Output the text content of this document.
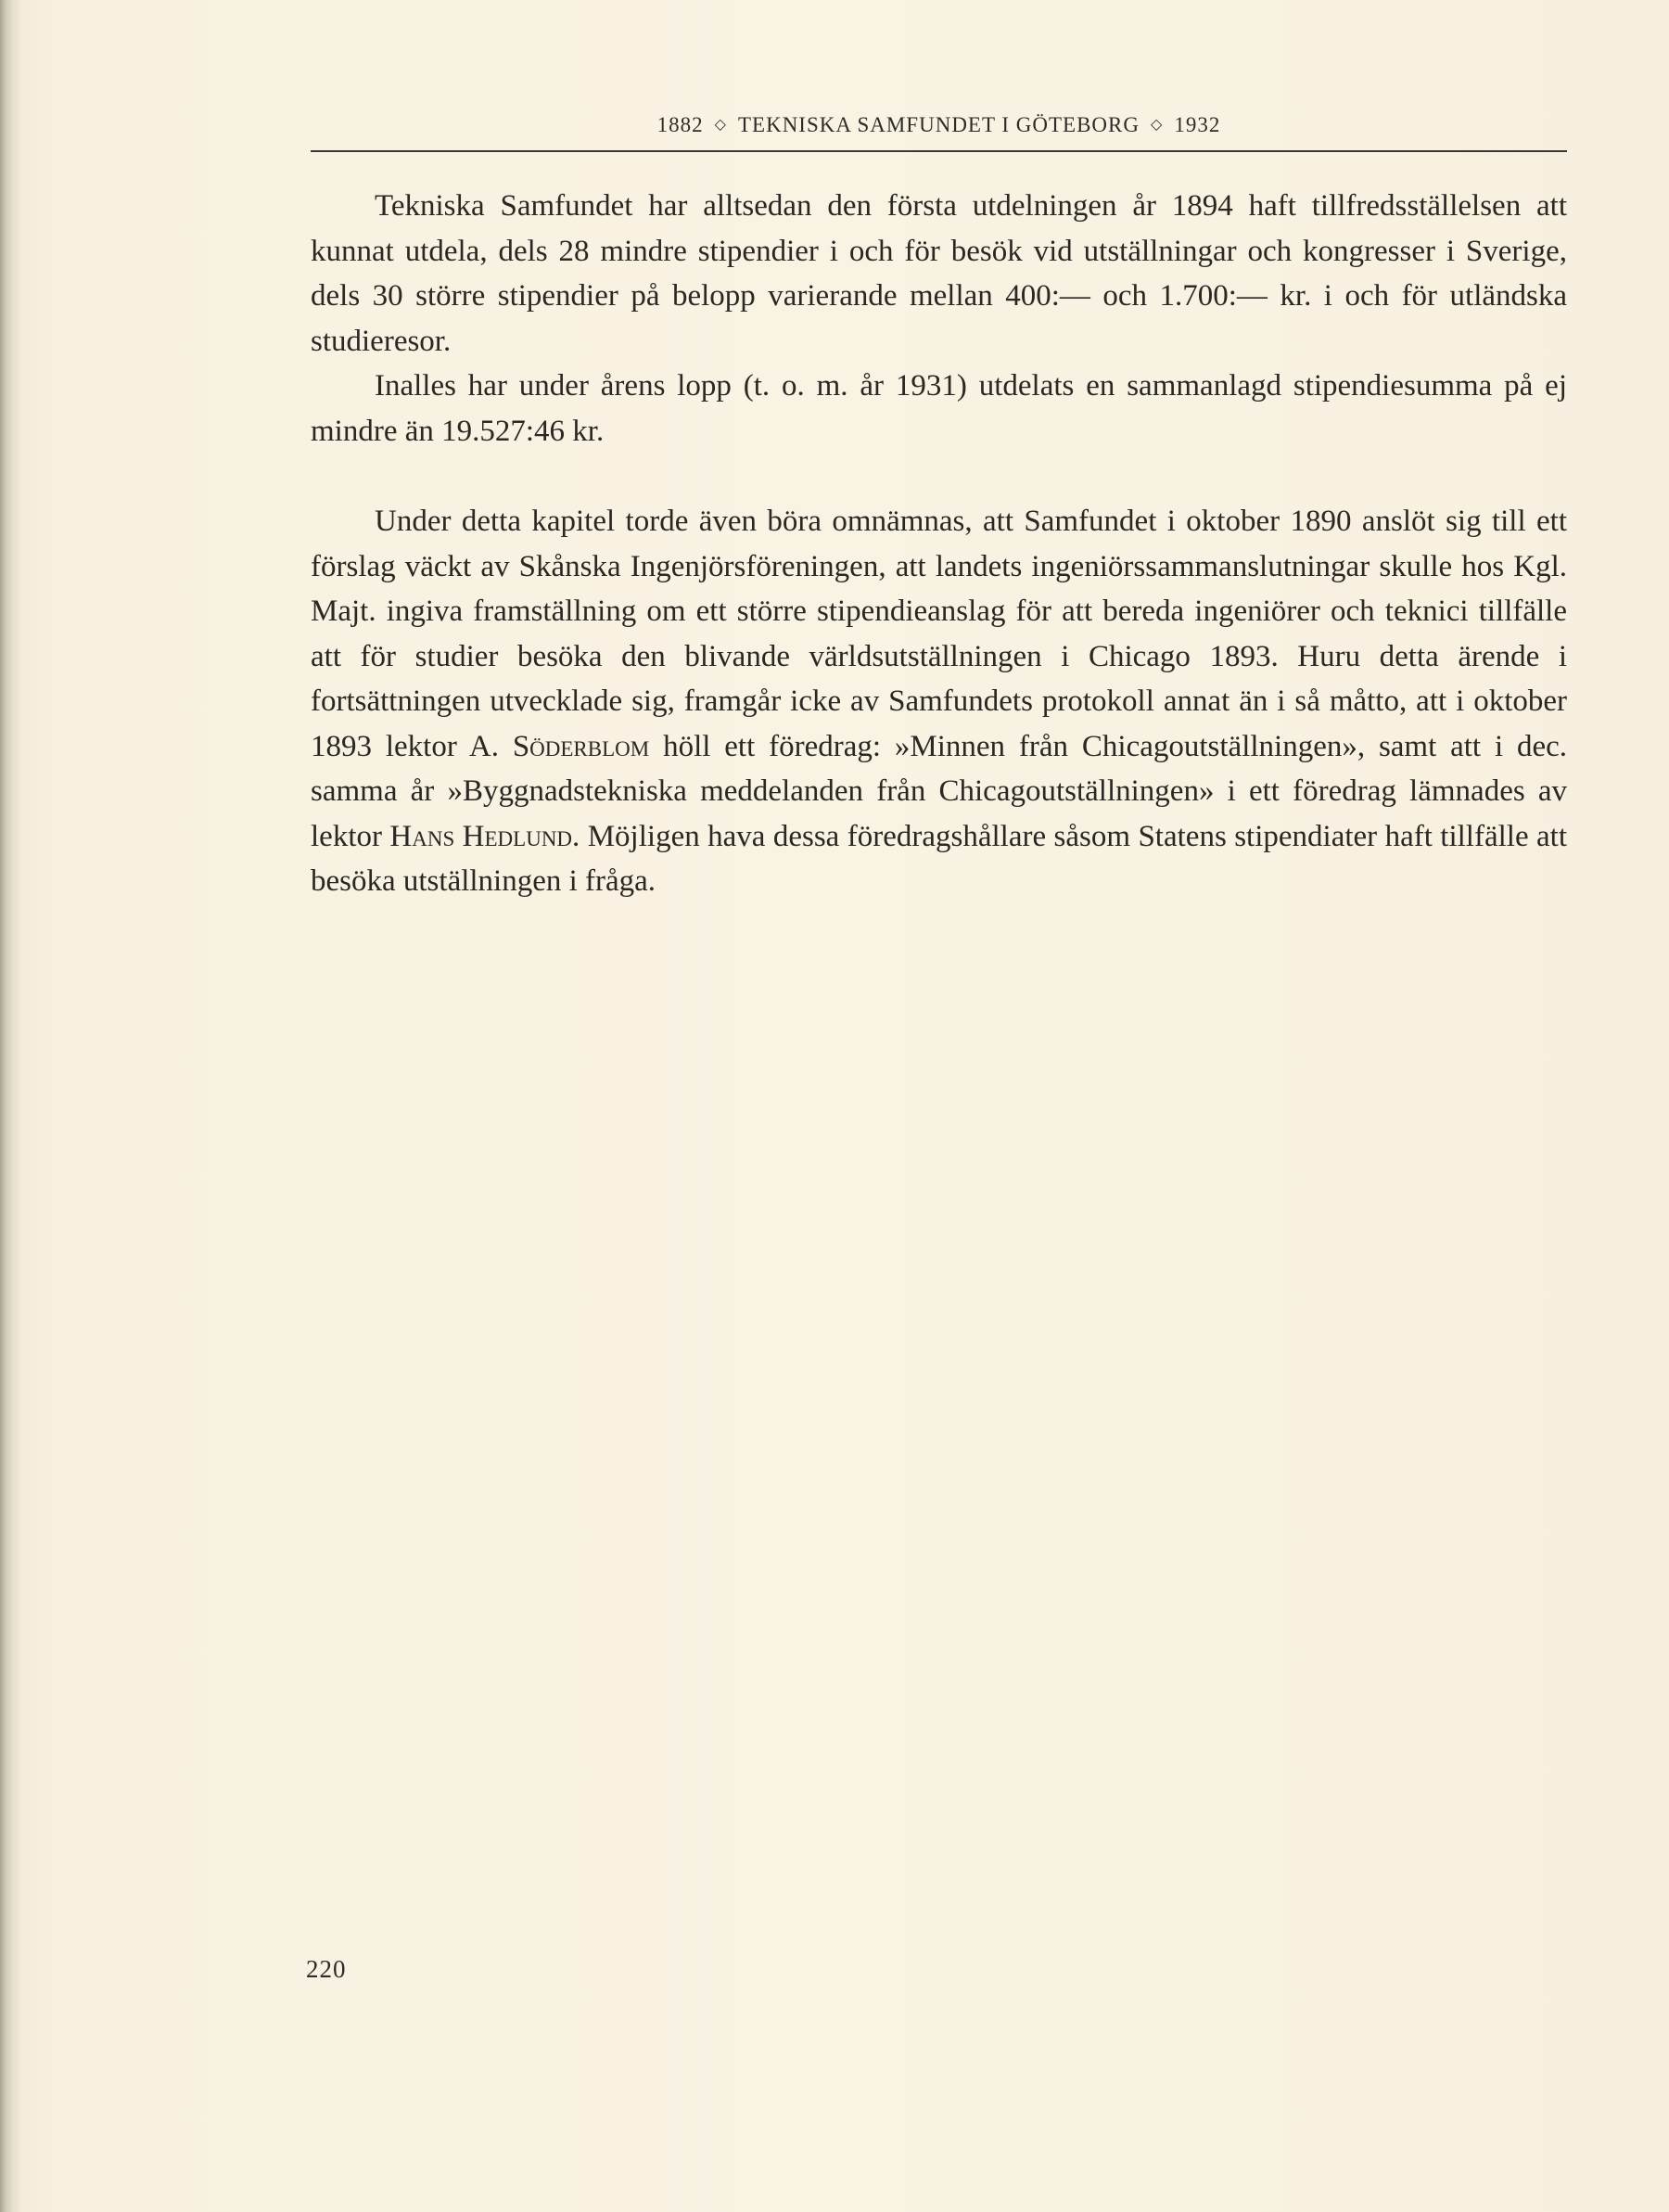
1882 ◇ TEKNISKA SAMFUNDET I GÖTEBORG ◇ 1932

Tekniska Samfundet har alltsedan den första utdelningen år 1894 haft tillfredsställelsen att kunnat utdela, dels 28 mindre stipendier i och för besök vid utställningar och kongresser i Sverige, dels 30 större stipendier på belopp varierande mellan 400:— och 1.700:— kr. i och för utländska studieresor.

Inalles har under årens lopp (t. o. m. år 1931) utdelats en sammanlagd stipendiesumma på ej mindre än 19.527:46 kr.

Under detta kapitel torde även böra omnämnas, att Samfundet i oktober 1890 anslöt sig till ett förslag väckt av Skånska Ingenjörsföreningen, att landets ingeniörssammanslutningar skulle hos Kgl. Majt. ingiva framställning om ett större stipendieanslag för att bereda ingeniörer och teknici tillfälle att för studier besöka den blivande världsutställningen i Chicago 1893. Huru detta ärende i fortsättningen utvecklade sig, framgår icke av Samfundets protokoll annat än i så måtto, att i oktober 1893 lektor A. Söderblom höll ett föredrag: »Minnen från Chicagoutställningen», samt att i dec. samma år »Byggnadstekniska meddelanden från Chicagoutställningen» i ett föredrag lämnades av lektor Hans Hedlund. Möjligen hava dessa föredragshållare såsom Statens stipendiater haft tillfälle att besöka utställningen i fråga.

220
